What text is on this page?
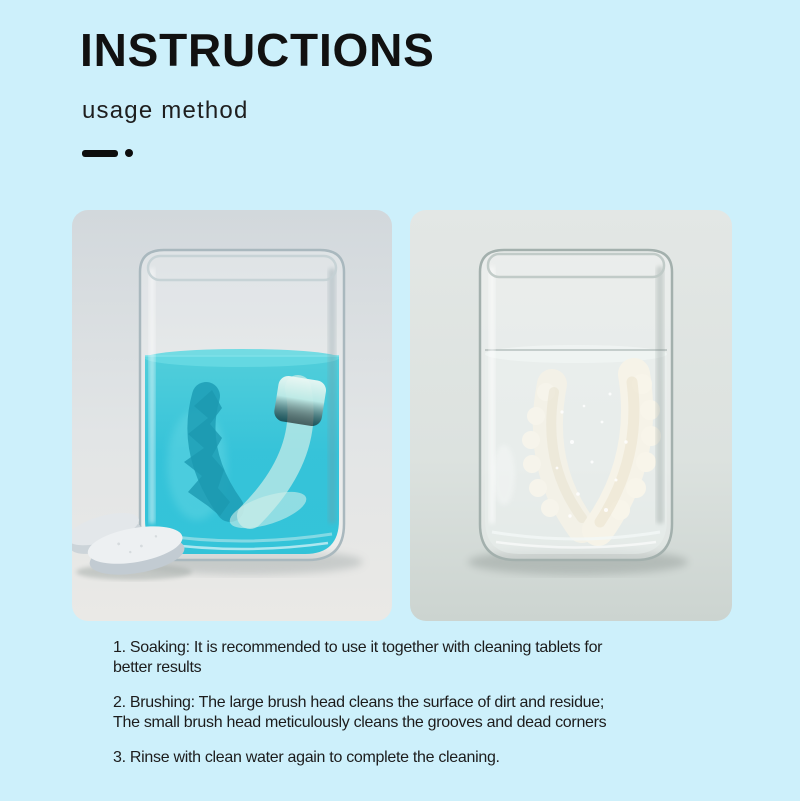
INSTRUCTIONS
usage method

1. Soaking: It is recommended to use it together with cleaning tablets for
better results

2. Brushing: The large brush head cleans the surface of dirt and residue;
The small brush head meticulously cleans the grooves and dead corners

3. Rinse with clean water again to complete the cleaning.
